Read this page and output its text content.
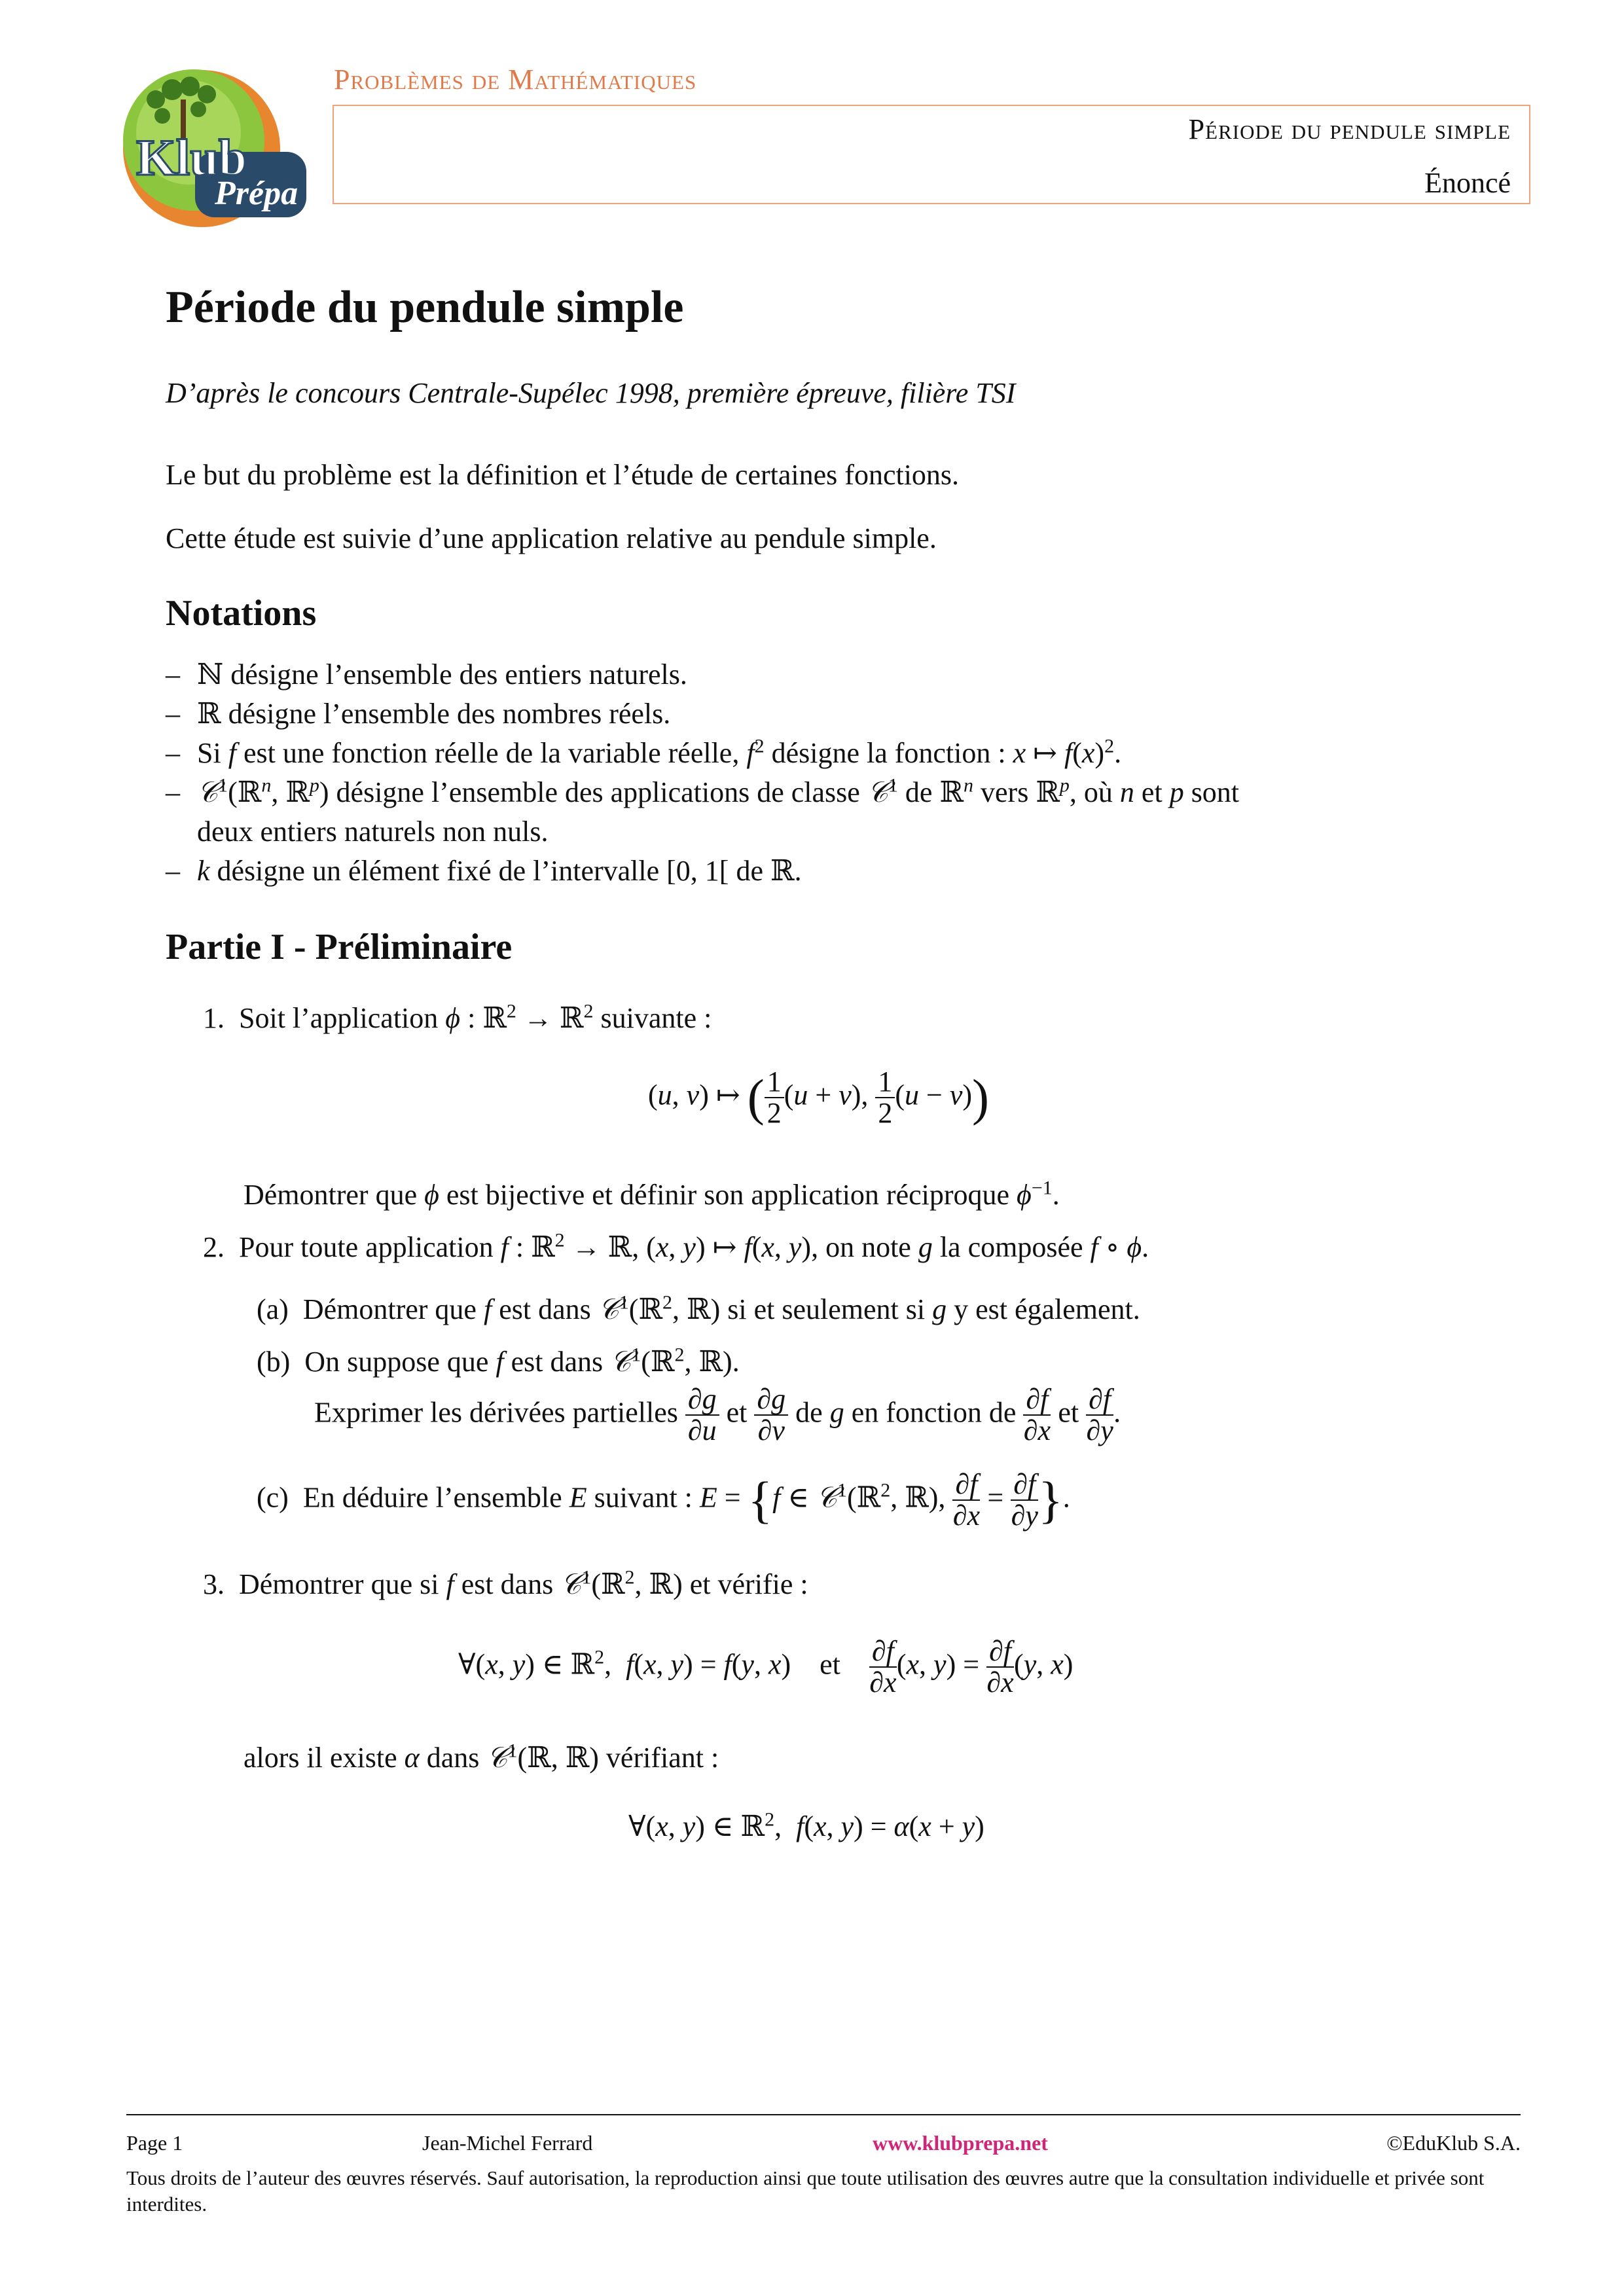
Klub
Prépa
Problèmes de Mathématiques
Période du pendule simple
Énoncé
Période du pendule simple
D’après le concours Centrale-Supélec 1998, première épreuve, filière TSI
Le but du problème est la définition et l’étude de certaines fonctions.
Cette étude est suivie d’une application relative au pendule simple.
Notations
– ℕ désigne l’ensemble des entiers naturels.
– ℝ désigne l’ensemble des nombres réels.
– Si f est une fonction réelle de la variable réelle, $f^2$ désigne la fonction : x ↦ $f(x)^2$.
– 𝒞$^1$(ℝ$^n$, ℝ$^p$) désigne l’ensemble des applications de classe 𝒞$^1$ de ℝ$^n$ vers ℝ$^p$, où n et p sont
deux entiers naturels non nuls.
– k désigne un élément fixé de l’intervalle [0, 1[ de ℝ.
Partie I - Préliminaire
1.  Soit l’application ϕ : ℝ$^2$ → ℝ$^2$ suivante :
(u, v) ↦ ( $\frac{1}{2} (u + v)$, $\frac{1}{2} (u - v)$)
Démontrer que ϕ est bijective et définir son application réciproque $\phi^{-1}$.
2.  Pour toute application f : ℝ$^2$ → ℝ, (x, y) ↦ f(x, y), on note g la composée f ∘ ϕ.
(a)  Démontrer que f est dans 𝒞$^1$(ℝ$^2$, ℝ) si et seulement si g y est également.
(b)  On suppose que f est dans 𝒞$^1$(ℝ$^2$, ℝ).
Exprimer les dérivées partielles $\frac{\partial g}{\partial u}$ et $\frac{\partial g}{\partial v}$ de g en fonction de $\frac{\partial f}{\partial x}$ et $\frac{\partial f}{\partial y}$ .
(c)  En déduire l’ensemble E suivant : E = {f ∈ 𝒞$^1$(ℝ$^2$, ℝ), $\frac{\partial f}{\partial x} = \frac{\partial f}{\partial y}$ }.
3.  Démontrer que si f est dans 𝒞$^1$(ℝ$^2$, ℝ) et vérifie :
∀(x, y) ∈ ℝ$^2$,  f(x, y) = f(y, x)    et $\frac{\partial f}{\partial x} (x$, $y) = \frac{\partial f}{\partial x} (y$, x)
alors il existe α dans 𝒞$^1$(ℝ, ℝ) vérifiant :
∀(x, y) ∈ ℝ$^2$,  f(x, y) = α(x + y)
Page 1	Jean-Michel Ferrard	www.klubprepa.net	©EduKlub S.A.
Tous droits de l’auteur des œuvres réservés. Sauf autorisation, la reproduction ainsi que toute utilisation des œuvres autre que la consultation individuelle et privée sont interdites.
